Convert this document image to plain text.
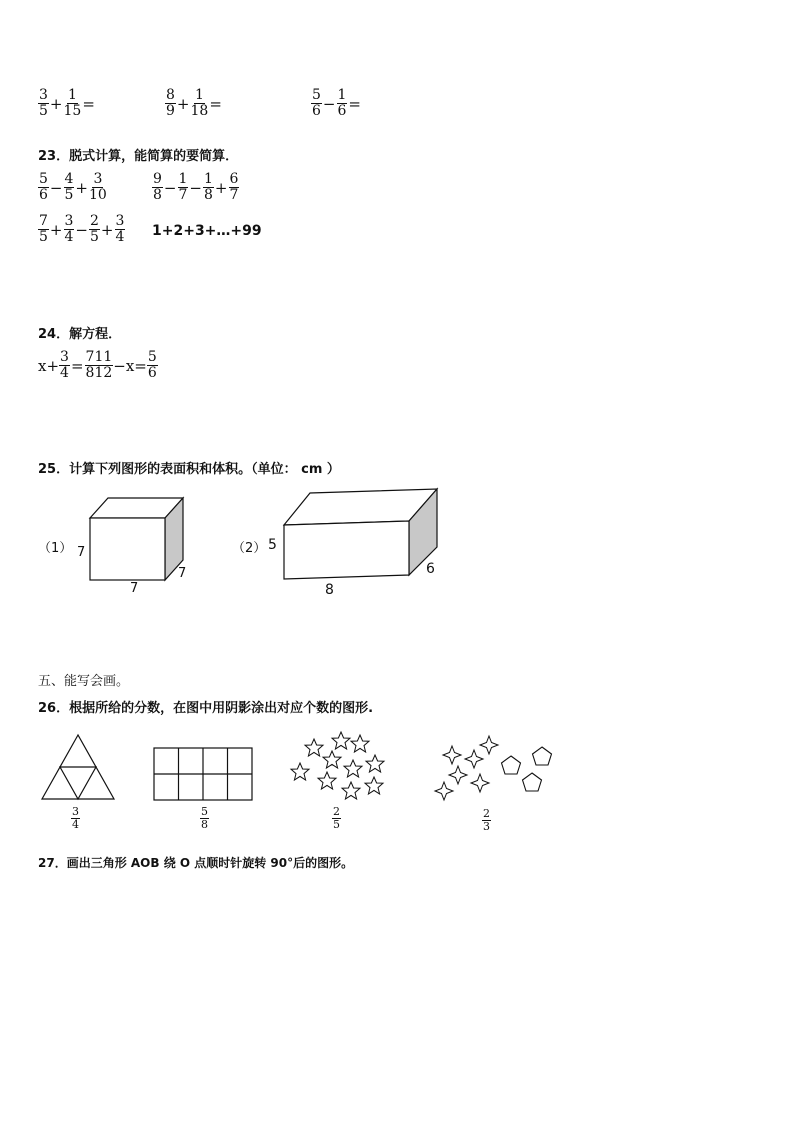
$\frac{3}{5} + \frac{1}{15}$ =	$\frac{8}{9} + \frac{1}{18}$ =	$\frac{5}{6} - \frac{1}{6}$ =
23．脱式计算，能简算的要简算．
$\frac{5}{6} - \frac{4}{5} + \frac{3}{10}$	$\frac{9}{8} - \frac{1}{7} - \frac{1}{8} + \frac{6}{7}$
$\frac{7}{5} + \frac{3}{4} - \frac{2}{5} + \frac{3}{4}$ 1+2+3+…+99
24．解方程．
$x+ \frac{3}{4} = \frac{711}{812} -x= \frac{5}{6}$
25．计算下列图形的表面积和体积。（单位： cm ）
（1） 7
7
7
（2） 5
8
6
五、能写会画。
26．根据所给的分数，在图中用阴影涂出对应个数的图形.
$\frac{3}{4}$	$\frac{5}{8}$	$\frac{2}{5}$	$\frac{2}{3}$
27．画出三角形 AOB 绕 O 点顺时针旋转 90°后的图形。
